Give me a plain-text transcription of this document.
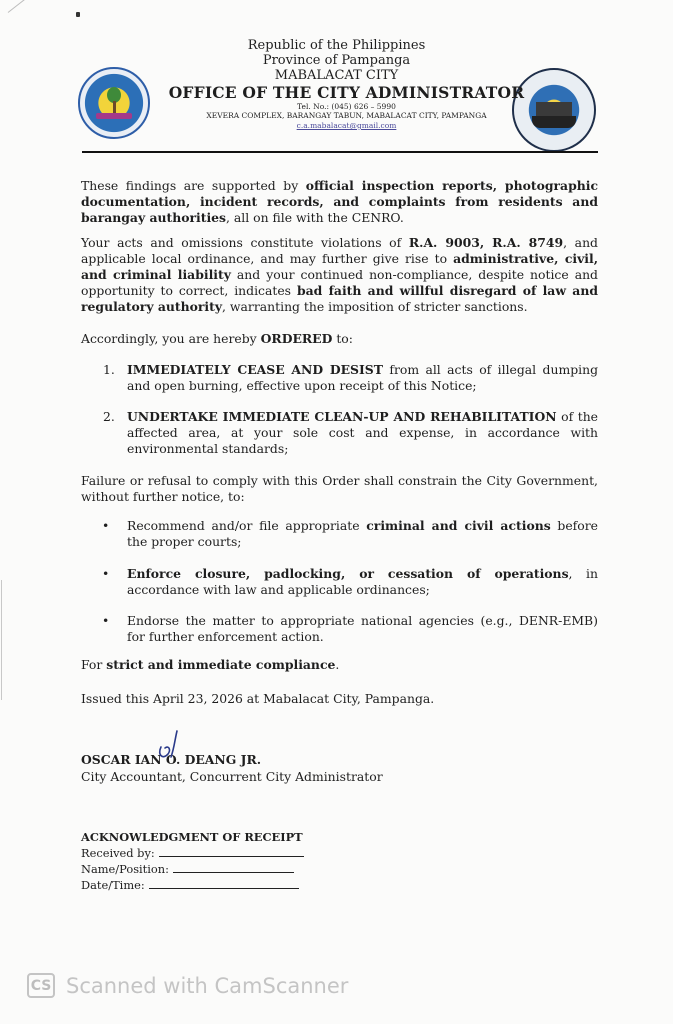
Republic of the Philippines
Province of Pampanga
MABALACAT CITY
OFFICE OF THE CITY ADMINISTRATOR
Tel. No.: (045) 626 – 5990
XEVERA COMPLEX, BARANGAY TABUN, MABALACAT CITY, PAMPANGA
c.a.mabalacat@gmail.com
These findings are supported by official inspection reports, photographic documentation, incident records, and complaints from residents and barangay authorities, all on file with the CENRO.
Your acts and omissions constitute violations of R.A. 9003, R.A. 8749, and applicable local ordinance, and may further give rise to administrative, civil, and criminal liability and your continued non-compliance, despite notice and opportunity to correct, indicates bad faith and willful disregard of law and regulatory authority, warranting the imposition of stricter sanctions.
Accordingly, you are hereby ORDERED to:
1. IMMEDIATELY CEASE AND DESIST from all acts of illegal dumping and open burning, effective upon receipt of this Notice;
2. UNDERTAKE IMMEDIATE CLEAN-UP AND REHABILITATION of the affected area, at your sole cost and expense, in accordance with environmental standards;
Failure or refusal to comply with this Order shall constrain the City Government, without further notice, to:
• Recommend and/or file appropriate criminal and civil actions before the proper courts;
• Enforce closure, padlocking, or cessation of operations, in accordance with law and applicable ordinances;
• Endorse the matter to appropriate national agencies (e.g., DENR-EMB) for further enforcement action.
For strict and immediate compliance.
Issued this April 23, 2026 at Mabalacat City, Pampanga.
OSCAR IAN O. DEANG JR.
City Accountant, Concurrent City Administrator
ACKNOWLEDGMENT OF RECEIPT
Received by:
Name/Position:
Date/Time:
CS Scanned with CamScanner
